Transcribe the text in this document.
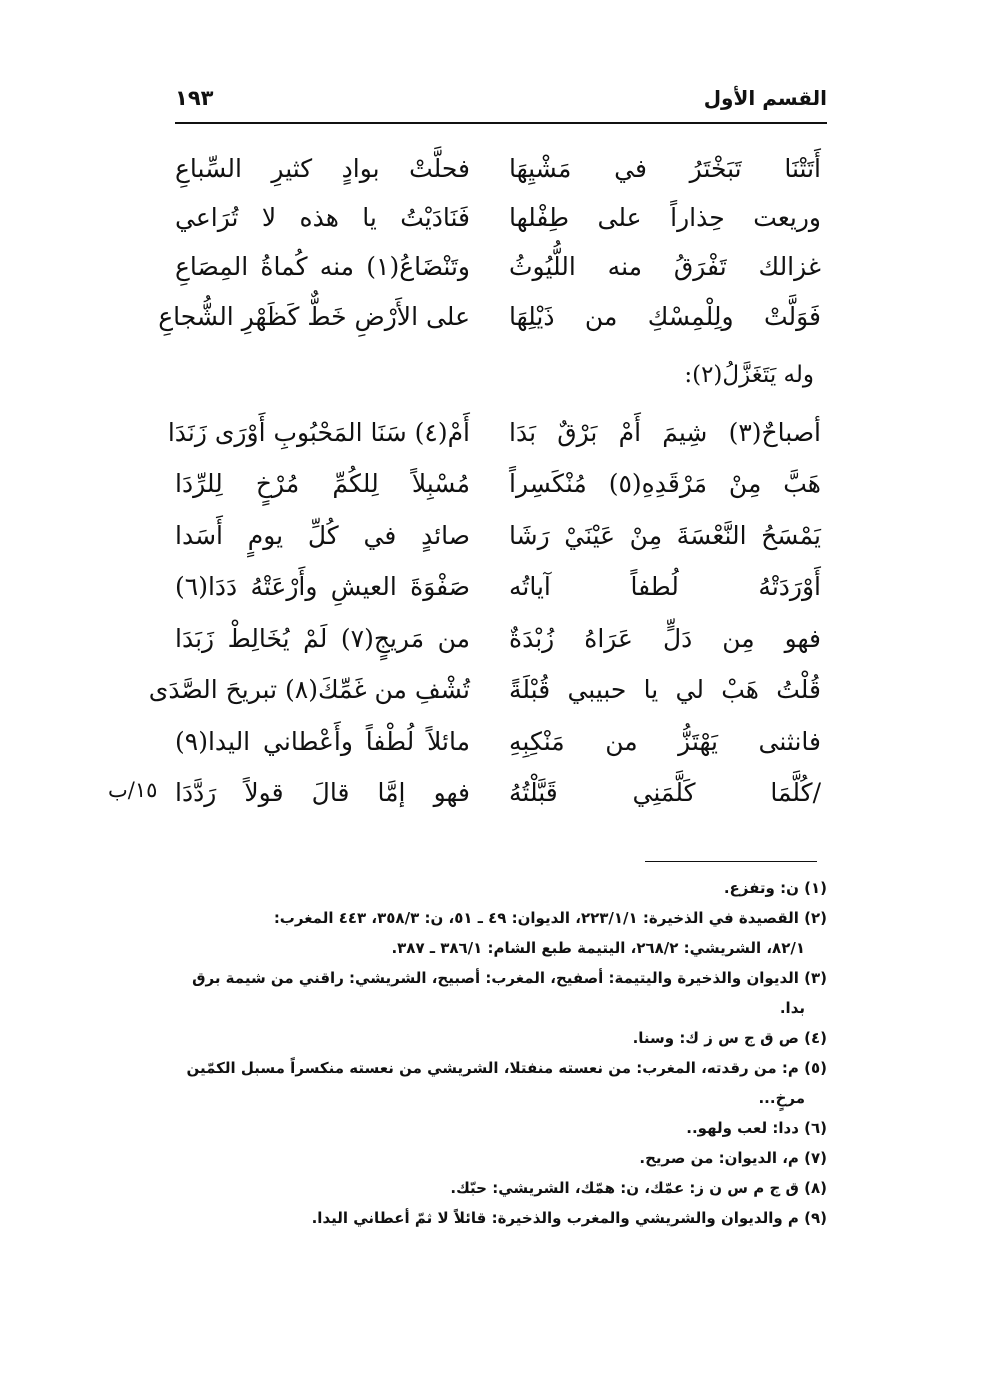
القسم الأول
١٩٣
أَتَتْنَا تَبَخْتَرُ في مَشْيِهَا
فحلَّتْ بوادٍ كثيرِ السِّباعِ
وريعت حِذاراً على طِفْلها
فَنَادَيْتُ يا هذه لا تُرَاعي
غزالك تَفْرَقُ منه اللُّيُوثُ
وتَنْضَاعُ(١) منه كُماةُ المِصَاعِ
فَوَلَّتْ ولِلْمِسْكِ من ذَيْلِهَا
على الأَرْضِ خَطٌّ كَظَهْرِ الشُّجاعِ
وله يَتَغَزَّلُ(٢):
أصباحٌ(٣) شِيمَ أَمْ بَرْقٌ بَدَا
أَمْ(٤) سَنَا المَحْبُوبِ أَوْرَى زَنَدَا
هَبَّ مِنْ مَرْقَدِهِ(٥) مُنْكَسِراً
مُسْبِلاً لِلكُمِّ مُرْخٍ لِلرِّدَا
يَمْسَحُ النَّعْسَةَ مِنْ عَيْنَيْ رَشَا
صائدٍ في كُلِّ يومٍ أَسَدا
أَوْرَدَتْهُ لُطفاً آياتُه
صَفْوَةَ العيشِ وأَرْعَتْهُ دَدَا(٦)
فهو مِن دَلٍّ عَرَاهُ زُبْدَةٌ
من مَريجٍ(٧) لَمْ يُخَالِطْ زَبَدَا
قُلْتُ هَبْ لي يا حبيبي قُبْلَةً
تُشْفِ من غَمِّكَ(٨) تبريحَ الصَّدَى
فانثنى يَهْتَزُّ من مَنْكِبِهِ
مائلاً لُطْفاً وأَعْطاني اليدا(٩)
/كُلَّمَا كَلَّمَنِي قَبَّلْتُهُ
فهو إمَّا قالَ قولاً رَدَّدَا
١٥/ب
(١) ن: وتفزع.
(٢) القصيدة في الذخيرة: ٢٢٣/١/١، الديوان: ٤٩ ـ ٥١، ن: ٣٥٨/٣، ٤٤٣ المغرب:
٨٢/١، الشريشي: ٢٦٨/٢، اليتيمة طبع الشام: ٣٨٦/١ ـ ٣٨٧.
(٣) الديوان والذخيرة واليتيمة: أصفيح، المغرب: أصبيح، الشريشي: راقني من شيمة برق
بدا.
(٤) ص ق ج س ز ك: وسنا.
(٥) م: من رقدته، المغرب: من نعسته منفتلا، الشريشي من نعسته منكسراً مسبل الكمّين
مرخٍ...
(٦) ددا: لعب ولهو..
(٧) م، الديوان: من صريح.
(٨) ق ج م س ن ز: عمّك، ن: همّك، الشريشي: حبّك.
(٩) م والديوان والشريشي والمغرب والذخيرة: قائلاً لا ثمّ أعطاني اليدا.
